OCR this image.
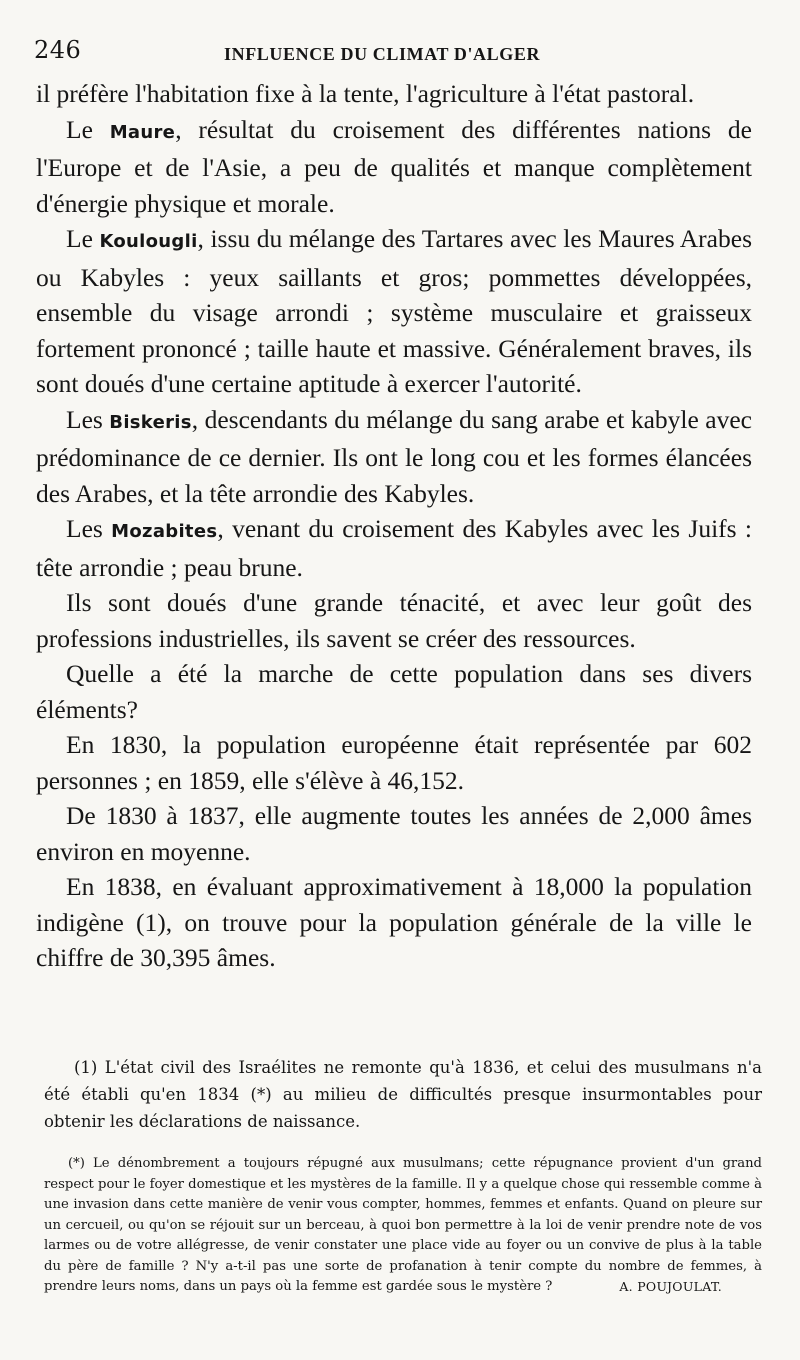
246	INFLUENCE DU CLIMAT D'ALGER

il préfère l'habitation fixe à la tente, l'agriculture à l'état pastoral.

Le Maure, résultat du croisement des différentes nations de l'Europe et de l'Asie, a peu de qualités et manque complètement d'énergie physique et morale.

Le Koulougli, issu du mélange des Tartares avec les Maures Arabes ou Kabyles : yeux saillants et gros; pommettes développées, ensemble du visage arrondi ; système musculaire et graisseux fortement prononcé ; taille haute et massive. Généralement braves, ils sont doués d'une certaine aptitude à exercer l'autorité.

Les Biskeris, descendants du mélange du sang arabe et kabyle avec prédominance de ce dernier. Ils ont le long cou et les formes élancées des Arabes, et la tête arrondie des Kabyles.

Les Mozabites, venant du croisement des Kabyles avec les Juifs : tête arrondie ; peau brune.

Ils sont doués d'une grande ténacité, et avec leur goût des professions industrielles, ils savent se créer des ressources.

Quelle a été la marche de cette population dans ses divers éléments?

En 1830, la population européenne était représentée par 602 personnes ; en 1859, elle s'élève à 46,152.

De 1830 à 1837, elle augmente toutes les années de 2,000 âmes environ en moyenne.

En 1838, en évaluant approximativement à 18,000 la population indigène (1), on trouve pour la population générale de la ville le chiffre de 30,395 âmes.

(1) L'état civil des Israélites ne remonte qu'à 1836, et celui des musulmans n'a été établi qu'en 1834 (*) au milieu de difficultés presque insurmontables pour obtenir les déclarations de naissance.
(*) Le dénombrement a toujours répugné aux musulmans; cette répugnance provient d'un grand respect pour le foyer domestique et les mystères de la famille. Il y a quelque chose qui ressemble comme à une invasion dans cette manière de venir vous compter, hommes, femmes et enfants. Quand on pleure sur un cercueil, ou qu'on se réjouit sur un berceau, à quoi bon permettre à la loi de venir prendre note de vos larmes ou de votre allégresse, de venir constater une place vide au foyer ou un convive de plus à la table du père de famille ? N'y a-t-il pas une sorte de profanation à tenir compte du nombre de femmes, à prendre leurs noms, dans un pays où la femme est gardée sous le mystère ?	A. POUJOULAT.
